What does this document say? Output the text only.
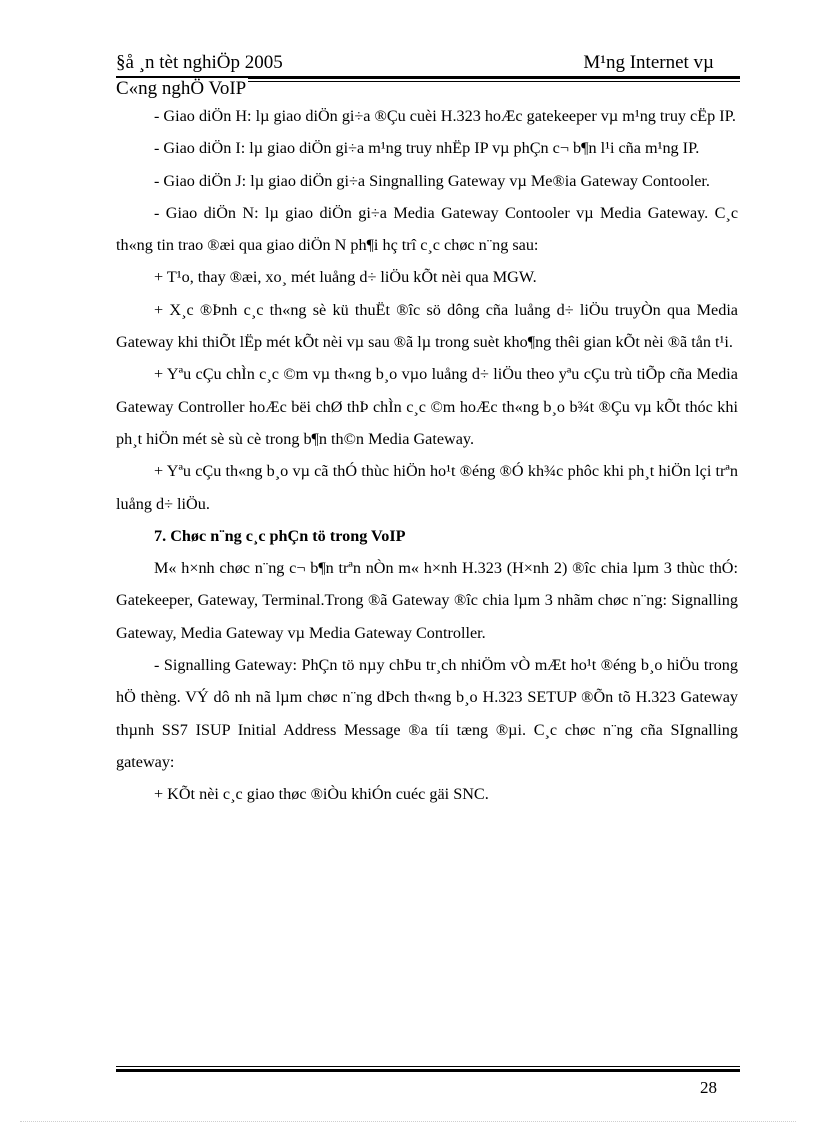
§å ¸n tèt nghiÖp 2005	M¹ng Internet vµ
C«ng nghÖ VoIP

- Giao diÖn H: lµ giao diÖn gi÷a ®Çu cuèi H.323 hoÆc gatekeeper vµ m¹ng truy cËp IP.

- Giao diÖn I: lµ giao diÖn gi÷a m¹ng truy nhËp IP vµ phÇn c¬ b¶n l¹i cña m¹ng IP.

- Giao diÖn J: lµ giao diÖn gi÷a Singnalling Gateway vµ Me®ia Gateway Contooler.

- Giao diÖn N: lµ giao diÖn gi÷a Media Gateway Contooler vµ Media Gateway. C¸c th«ng tin trao ®æi qua giao diÖn N ph¶i hç trî c¸c chøc n¨ng sau:

+ T¹o, thay ®æi, xo¸ mét luång d÷ liÖu kÕt nèi qua MGW.

+ X¸c ®Þnh c¸c th«ng sè kü thuËt ®îc sö dông cña luång d÷ liÖu truyÒn qua Media Gateway khi thiÕt lËp mét kÕt nèi vµ sau ®ã lµ trong suèt kho¶ng thêi gian kÕt nèi ®ã tån t¹i.

+ Yªu cÇu chÌn c¸c ©m vµ th«ng b¸o vµo luång d÷ liÖu theo yªu cÇu trù tiÕp cña Media Gateway Controller hoÆc bëi chØ thÞ chÌn c¸c ©m hoÆc th«ng b¸o b¾t ®Çu vµ kÕt thóc khi ph¸t hiÖn mét sè sù cè trong b¶n th©n Media Gateway.

+ Yªu cÇu th«ng b¸o vµ cã thÓ thùc hiÖn ho¹t ®éng ®Ó kh¾c phôc khi ph¸t hiÖn lçi trªn luång d÷ liÖu.

7. Chøc n¨ng c¸c phÇn tö trong VoIP

M« h×nh chøc n¨ng c¬ b¶n trªn nÒn m« h×nh H.323 (H×nh 2) ®îc chia lµm 3 thùc thÓ: Gatekeeper, Gateway, Terminal.Trong ®ã Gateway ®îc chia lµm 3 nhãm chøc n¨ng: Signalling Gateway, Media Gateway vµ Media Gateway Controller.

- Signalling Gateway: PhÇn tö nµy chÞu tr¸ch nhiÖm vÒ mÆt ho¹t ®éng b¸o hiÖu trong hÖ thèng. VÝ dô nh nã lµm chøc n¨ng dÞch th«ng b¸o H.323 SETUP ®Õn tõ H.323 Gateway thµnh SS7 ISUP Initial Address Message ®a tíi tæng ®µi. C¸c chøc n¨ng cña SIgnalling gateway:

+ KÕt nèi c¸c giao thøc ®iÒu khiÓn cuéc gäi SNC.

28
